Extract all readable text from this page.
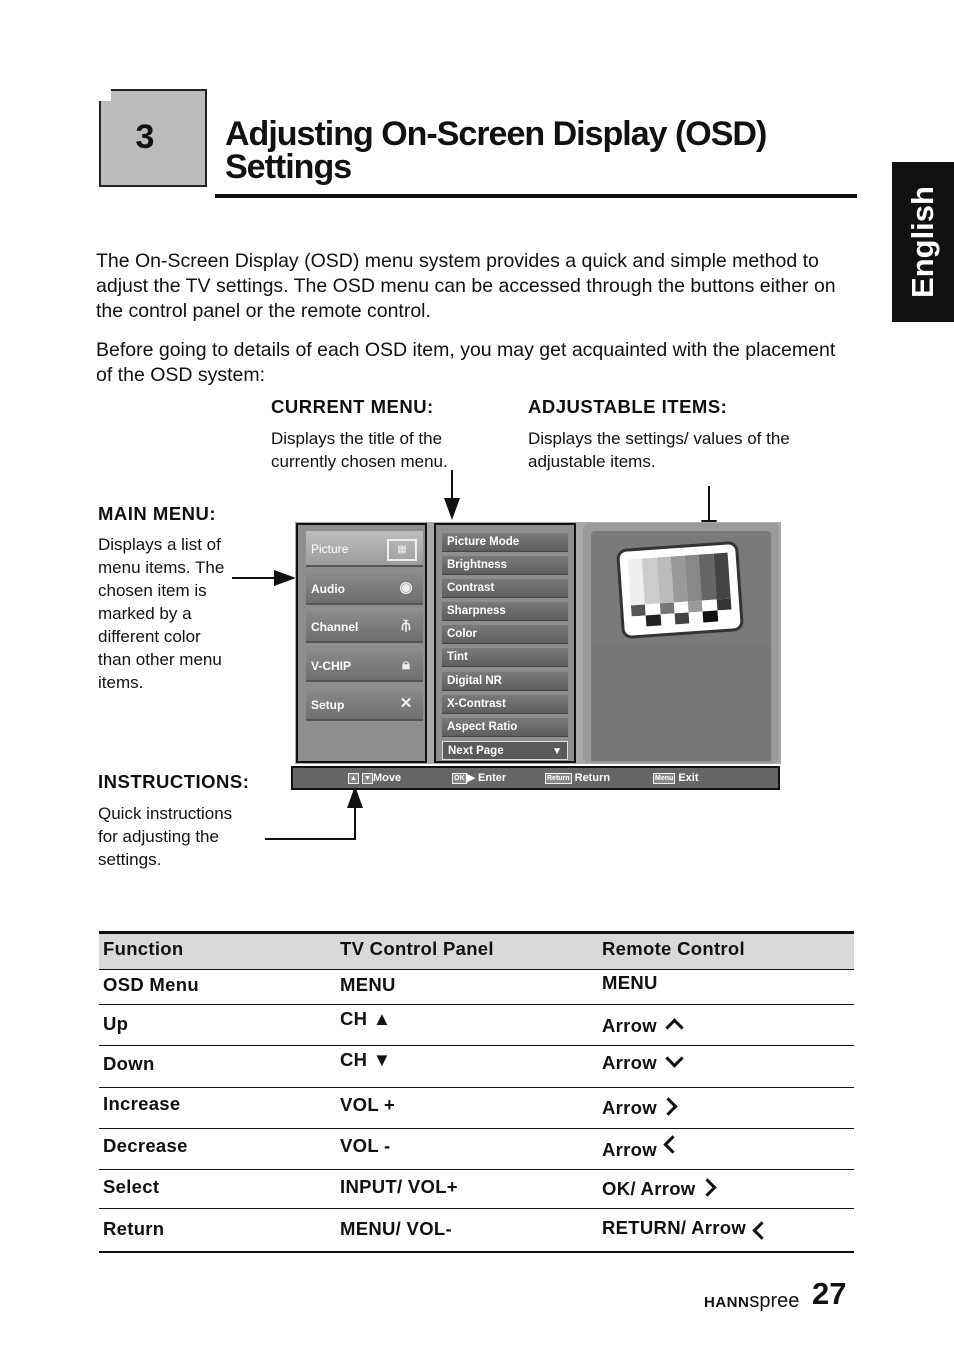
3	Adjusting On-Screen Display (OSD)
Settings
English
The On-Screen Display (OSD) menu system provides a quick and simple method to adjust the TV settings. The OSD menu can be accessed through the buttons either on the control panel or the remote control.
Before going to details of each OSD item, you may get acquainted with the placement of the OSD system:
CURRENT MENU:
Displays the title of the
currently chosen menu.
ADJUSTABLE ITEMS:
Displays the settings/ values of the
adjustable items.
MAIN MENU:
Displays a list of
menu items. The
chosen item is
marked by a
different color
than other menu
items.
INSTRUCTIONS:
Quick instructions
for adjusting the
settings.
Picture	▦
Audio	◉
Channel	⫚
V-CHIP	🔒︎
Setup	✕
Picture Mode
Brightness
Contrast
Sharpness
Color
Tint
Digital NR
X-Contrast
Aspect Ratio
Next Page	▼
▲ ▼ Move	OK ▶ Enter	Return Return	Menu Exit
Function	TV Control Panel	Remote Control
OSD Menu	MENU	MENU
Up	CH ▲	Arrow
Down	CH ▼	Arrow
Increase	VOL +	Arrow
Decrease	VOL -	Arrow
Select	INPUT/ VOL+	OK/ Arrow
Return	MENU/ VOL-	RETURN/ Arrow
HANNspree 27
